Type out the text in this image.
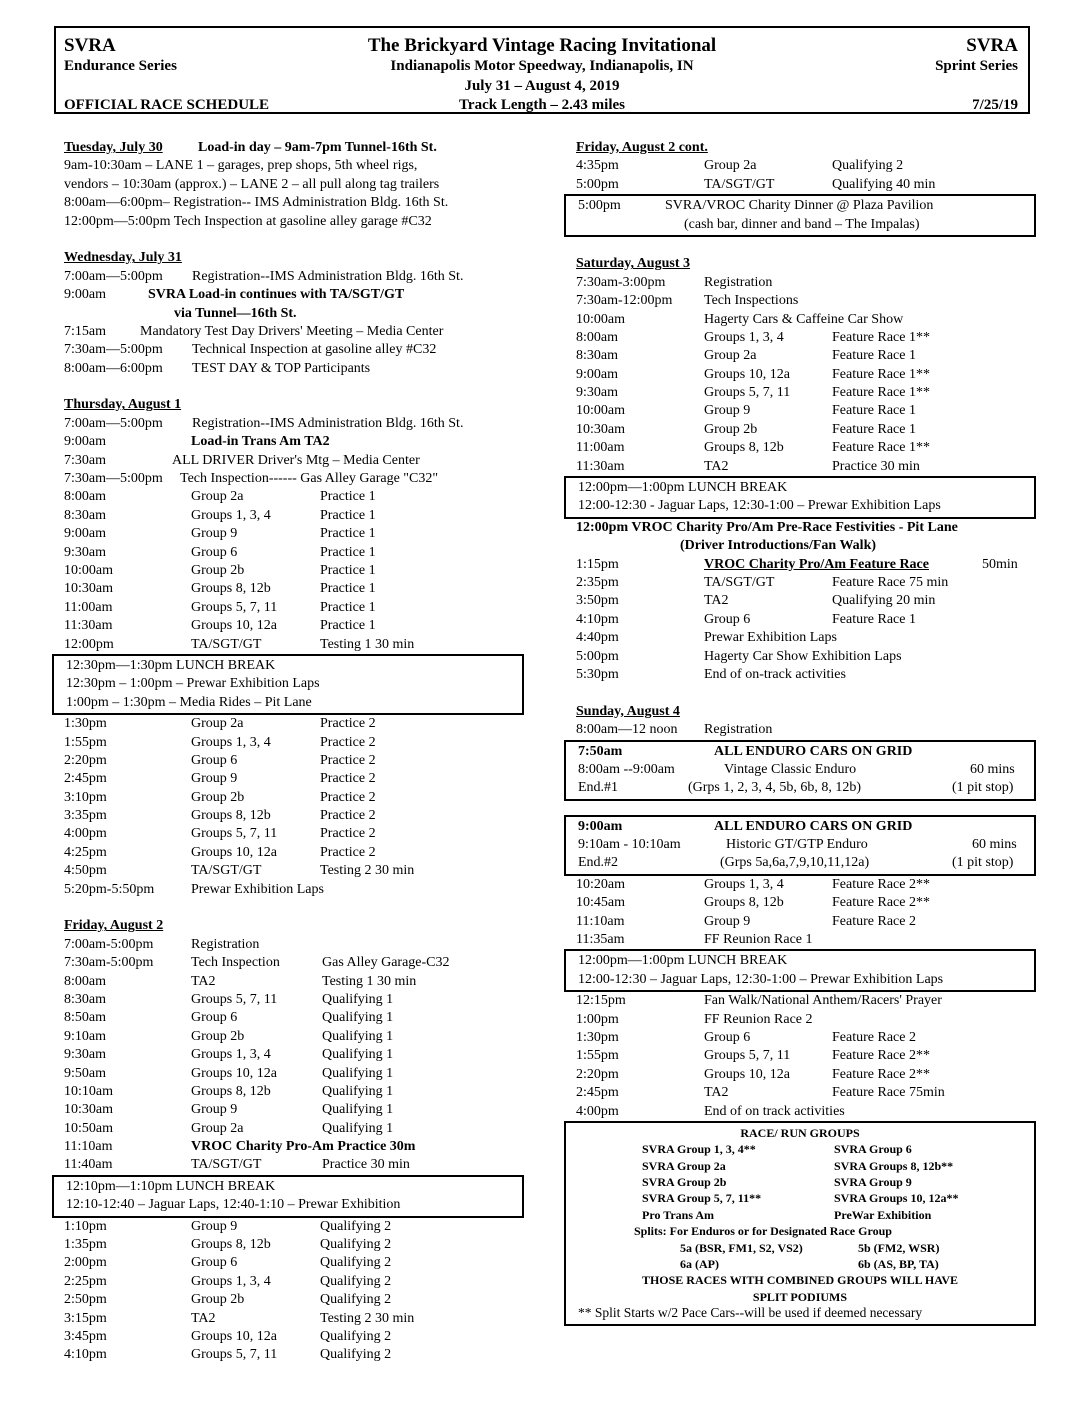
SVRA
Endurance Series
OFFICIAL RACE SCHEDULE
The Brickyard Vintage Racing Invitational
Indianapolis Motor Speedway, Indianapolis, IN
July 31 – August 4, 2019
Track Length – 2.43 miles
SVRA
Sprint Series
7/25/19
Tuesday, July 30	Load-in day – 9am-7pm Tunnel-16th St.
9am-10:30am – LANE 1 – garages, prep shops, 5th wheel rigs,
vendors – 10:30am (approx.) – LANE 2 – all pull along tag trailers
8:00am—6:00pm– Registration-- IMS Administration Bldg. 16th St.
12:00pm—5:00pm Tech Inspection at gasoline alley garage #C32
Wednesday, July 31
7:00am—5:00pm Registration--IMS Administration Bldg. 16th St.
9:00am	SVRA Load-in continues with TA/SGT/GT
via Tunnel—16th St.
7:15am Mandatory Test Day Drivers' Meeting – Media Center
7:30am—5:00pm Technical Inspection at gasoline alley #C32
8:00am—6:00pm TEST DAY & TOP Participants
Thursday, August 1
7:00am—5:00pm Registration--IMS Administration Bldg. 16th St.
9:00am	Load-in Trans Am TA2
7:30am	ALL DRIVER Driver's Mtg – Media Center
7:30am—5:00pm Tech Inspection------ Gas Alley Garage "C32"
8:00am	Group 2a	Practice 1
8:30am	Groups 1, 3, 4	Practice 1
9:00am	Group 9	Practice 1
9:30am	Group 6	Practice 1
10:00am	Group 2b	Practice 1
10:30am	Groups 8, 12b	Practice 1
11:00am	Groups 5, 7, 11	Practice 1
11:30am	Groups 10, 12a	Practice 1
12:00pm	TA/SGT/GT	Testing 1 30 min
12:30pm—1:30pm LUNCH BREAK
12:30pm – 1:00pm – Prewar Exhibition Laps
1:00pm – 1:30pm – Media Rides – Pit Lane
1:30pm	Group 2a	Practice 2
1:55pm	Groups 1, 3, 4	Practice 2
2:20pm	Group 6	Practice 2
2:45pm	Group 9	Practice 2
3:10pm	Group 2b	Practice 2
3:35pm	Groups 8, 12b	Practice 2
4:00pm	Groups 5, 7, 11	Practice 2
4:25pm	Groups 10, 12a	Practice 2
4:50pm	TA/SGT/GT	Testing 2 30 min
5:20pm-5:50pm	Prewar Exhibition Laps
Friday, August 2
7:00am-5:00pm	Registration
7:30am-5:00pm	Tech Inspection	Gas Alley Garage-C32
8:00am	TA2	Testing 1 30 min
8:30am	Groups 5, 7, 11	Qualifying 1
8:50am	Group 6	Qualifying 1
9:10am	Group 2b	Qualifying 1
9:30am	Groups 1, 3, 4	Qualifying 1
9:50am	Groups 10, 12a	Qualifying 1
10:10am	Groups 8, 12b	Qualifying 1
10:30am	Group 9	Qualifying 1
10:50am	Group 2a	Qualifying 1
11:10am	VROC Charity Pro-Am Practice 30m
11:40am	TA/SGT/GT	Practice 30 min
12:10pm—1:10pm LUNCH BREAK
12:10-12:40 – Jaguar Laps, 12:40-1:10 – Prewar Exhibition
1:10pm	Group 9	Qualifying 2
1:35pm	Groups 8, 12b	Qualifying 2
2:00pm	Group 6	Qualifying 2
2:25pm	Groups 1, 3, 4	Qualifying 2
2:50pm	Group 2b	Qualifying 2
3:15pm	TA2	Testing 2 30 min
3:45pm	Groups 10, 12a	Qualifying 2
4:10pm	Groups 5, 7, 11	Qualifying 2
Friday, August 2 cont.
4:35pm	Group 2a	Qualifying 2
5:00pm	TA/SGT/GT	Qualifying 40 min
5:00pm	SVRA/VROC Charity Dinner @ Plaza Pavilion
(cash bar, dinner and band – The Impalas)
Saturday, August 3
7:30am-3:00pm	Registration
7:30am-12:00pm Tech Inspections
10:00am	Hagerty Cars & Caffeine Car Show
8:00am	Groups 1, 3, 4	Feature Race 1**
8:30am	Group 2a	Feature Race 1
9:00am	Groups 10, 12a	Feature Race 1**
9:30am	Groups 5, 7, 11	Feature Race 1**
10:00am	Group 9	Feature Race 1
10:30am	Group 2b	Feature Race 1
11:00am	Groups 8, 12b	Feature Race 1**
11:30am	TA2	Practice 30 min
12:00pm—1:00pm LUNCH BREAK
12:00-12:30 - Jaguar Laps, 12:30-1:00 – Prewar Exhibition Laps
12:00pm VROC Charity Pro/Am Pre-Race Festivities - Pit Lane
(Driver Introductions/Fan Walk)
1:15pm	VROC Charity Pro/Am Feature Race	50min
2:35pm	TA/SGT/GT	Feature Race 75 min
3:50pm	TA2	Qualifying 20 min
4:10pm	Group 6	Feature Race 1
4:40pm	Prewar Exhibition Laps
5:00pm	Hagerty Car Show Exhibition Laps
5:30pm	End of on-track activities
Sunday, August 4
8:00am—12 noon Registration
7:50am	ALL ENDURO CARS ON GRID
8:00am --9:00am	Vintage Classic Enduro	60 mins
End.#1	(Grps 1, 2, 3, 4, 5b, 6b, 8, 12b)	(1 pit stop)
9:00am	ALL ENDURO CARS ON GRID
9:10am - 10:10am	Historic GT/GTP Enduro	60 mins
End.#2	(Grps 5a,6a,7,9,10,11,12a)	(1 pit stop)
10:20am	Groups 1, 3, 4	Feature Race 2**
10:45am	Groups 8, 12b	Feature Race 2**
11:10am	Group 9	Feature Race 2
11:35am	FF Reunion Race 1
12:00pm—1:00pm LUNCH BREAK
12:00-12:30 – Jaguar Laps, 12:30-1:00 – Prewar Exhibition Laps
12:15pm	Fan Walk/National Anthem/Racers' Prayer
1:00pm	FF Reunion Race 2
1:30pm	Group 6	Feature Race 2
1:55pm	Groups 5, 7, 11	Feature Race 2**
2:20pm	Groups 10, 12a	Feature Race 2**
2:45pm	TA2	Feature Race 75min
4:00pm	End of on track activities
RACE/ RUN GROUPS
SVRA Group 1, 3, 4**	SVRA Group 6
SVRA Group 2a	SVRA Groups 8, 12b**
SVRA Group 2b	SVRA Group 9
SVRA Group 5, 7, 11**	SVRA Groups 10, 12a**
Pro Trans Am	PreWar Exhibition
Splits: For Enduros or for Designated Race Group
5a (BSR, FM1, S2, VS2)	5b (FM2, WSR)
6a (AP)	6b (AS, BP, TA)
THOSE RACES WITH COMBINED GROUPS WILL HAVE
SPLIT PODIUMS
** Split Starts w/2 Pace Cars--will be used if deemed necessary
